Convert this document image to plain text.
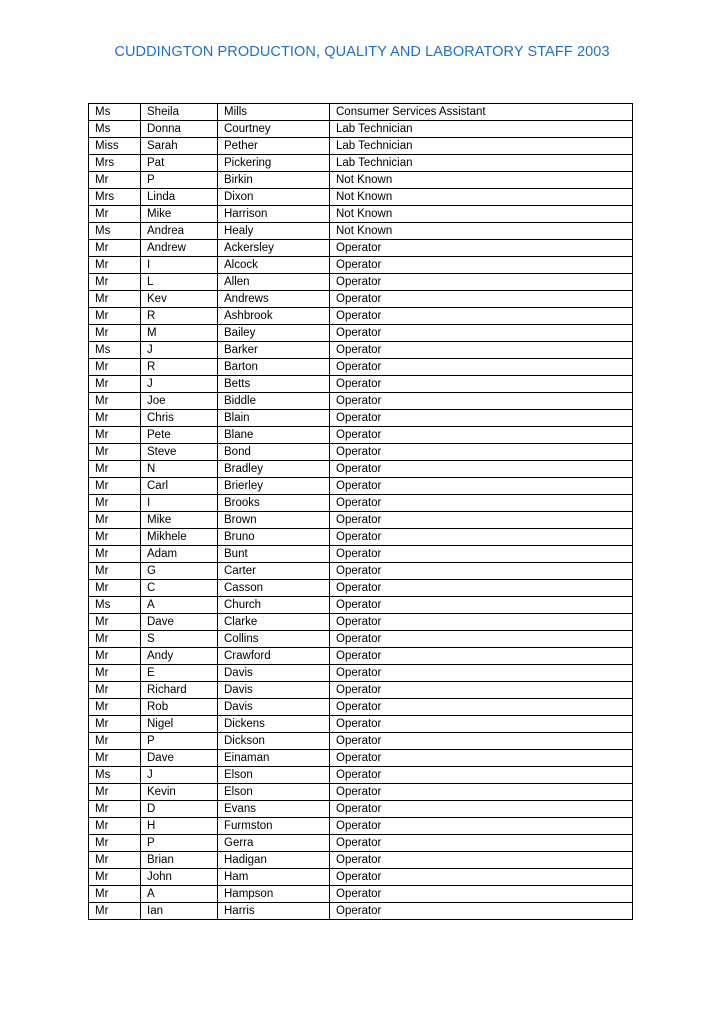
CUDDINGTON PRODUCTION, QUALITY AND LABORATORY STAFF 2003
Ms	Sheila	Mills	Consumer Services Assistant
Ms	Donna	Courtney	Lab Technician
Miss	Sarah	Pether	Lab Technician
Mrs	Pat	Pickering	Lab Technician
Mr	P	Birkin	Not Known
Mrs	Linda	Dixon	Not Known
Mr	Mike	Harrison	Not Known
Ms	Andrea	Healy	Not Known
Mr	Andrew	Ackersley	Operator
Mr	I	Alcock	Operator
Mr	L	Allen	Operator
Mr	Kev	Andrews	Operator
Mr	R	Ashbrook	Operator
Mr	M	Bailey	Operator
Ms	J	Barker	Operator
Mr	R	Barton	Operator
Mr	J	Betts	Operator
Mr	Joe	Biddle	Operator
Mr	Chris	Blain	Operator
Mr	Pete	Blane	Operator
Mr	Steve	Bond	Operator
Mr	N	Bradley	Operator
Mr	Carl	Brierley	Operator
Mr	I	Brooks	Operator
Mr	Mike	Brown	Operator
Mr	Mikhele	Bruno	Operator
Mr	Adam	Bunt	Operator
Mr	G	Carter	Operator
Mr	C	Casson	Operator
Ms	A	Church	Operator
Mr	Dave	Clarke	Operator
Mr	S	Collins	Operator
Mr	Andy	Crawford	Operator
Mr	E	Davis	Operator
Mr	Richard	Davis	Operator
Mr	Rob	Davis	Operator
Mr	Nigel	Dickens	Operator
Mr	P	Dickson	Operator
Mr	Dave	Einaman	Operator
Ms	J	Elson	Operator
Mr	Kevin	Elson	Operator
Mr	D	Evans	Operator
Mr	H	Furmston	Operator
Mr	P	Gerra	Operator
Mr	Brian	Hadigan	Operator
Mr	John	Ham	Operator
Mr	A	Hampson	Operator
Mr	Ian	Harris	Operator
